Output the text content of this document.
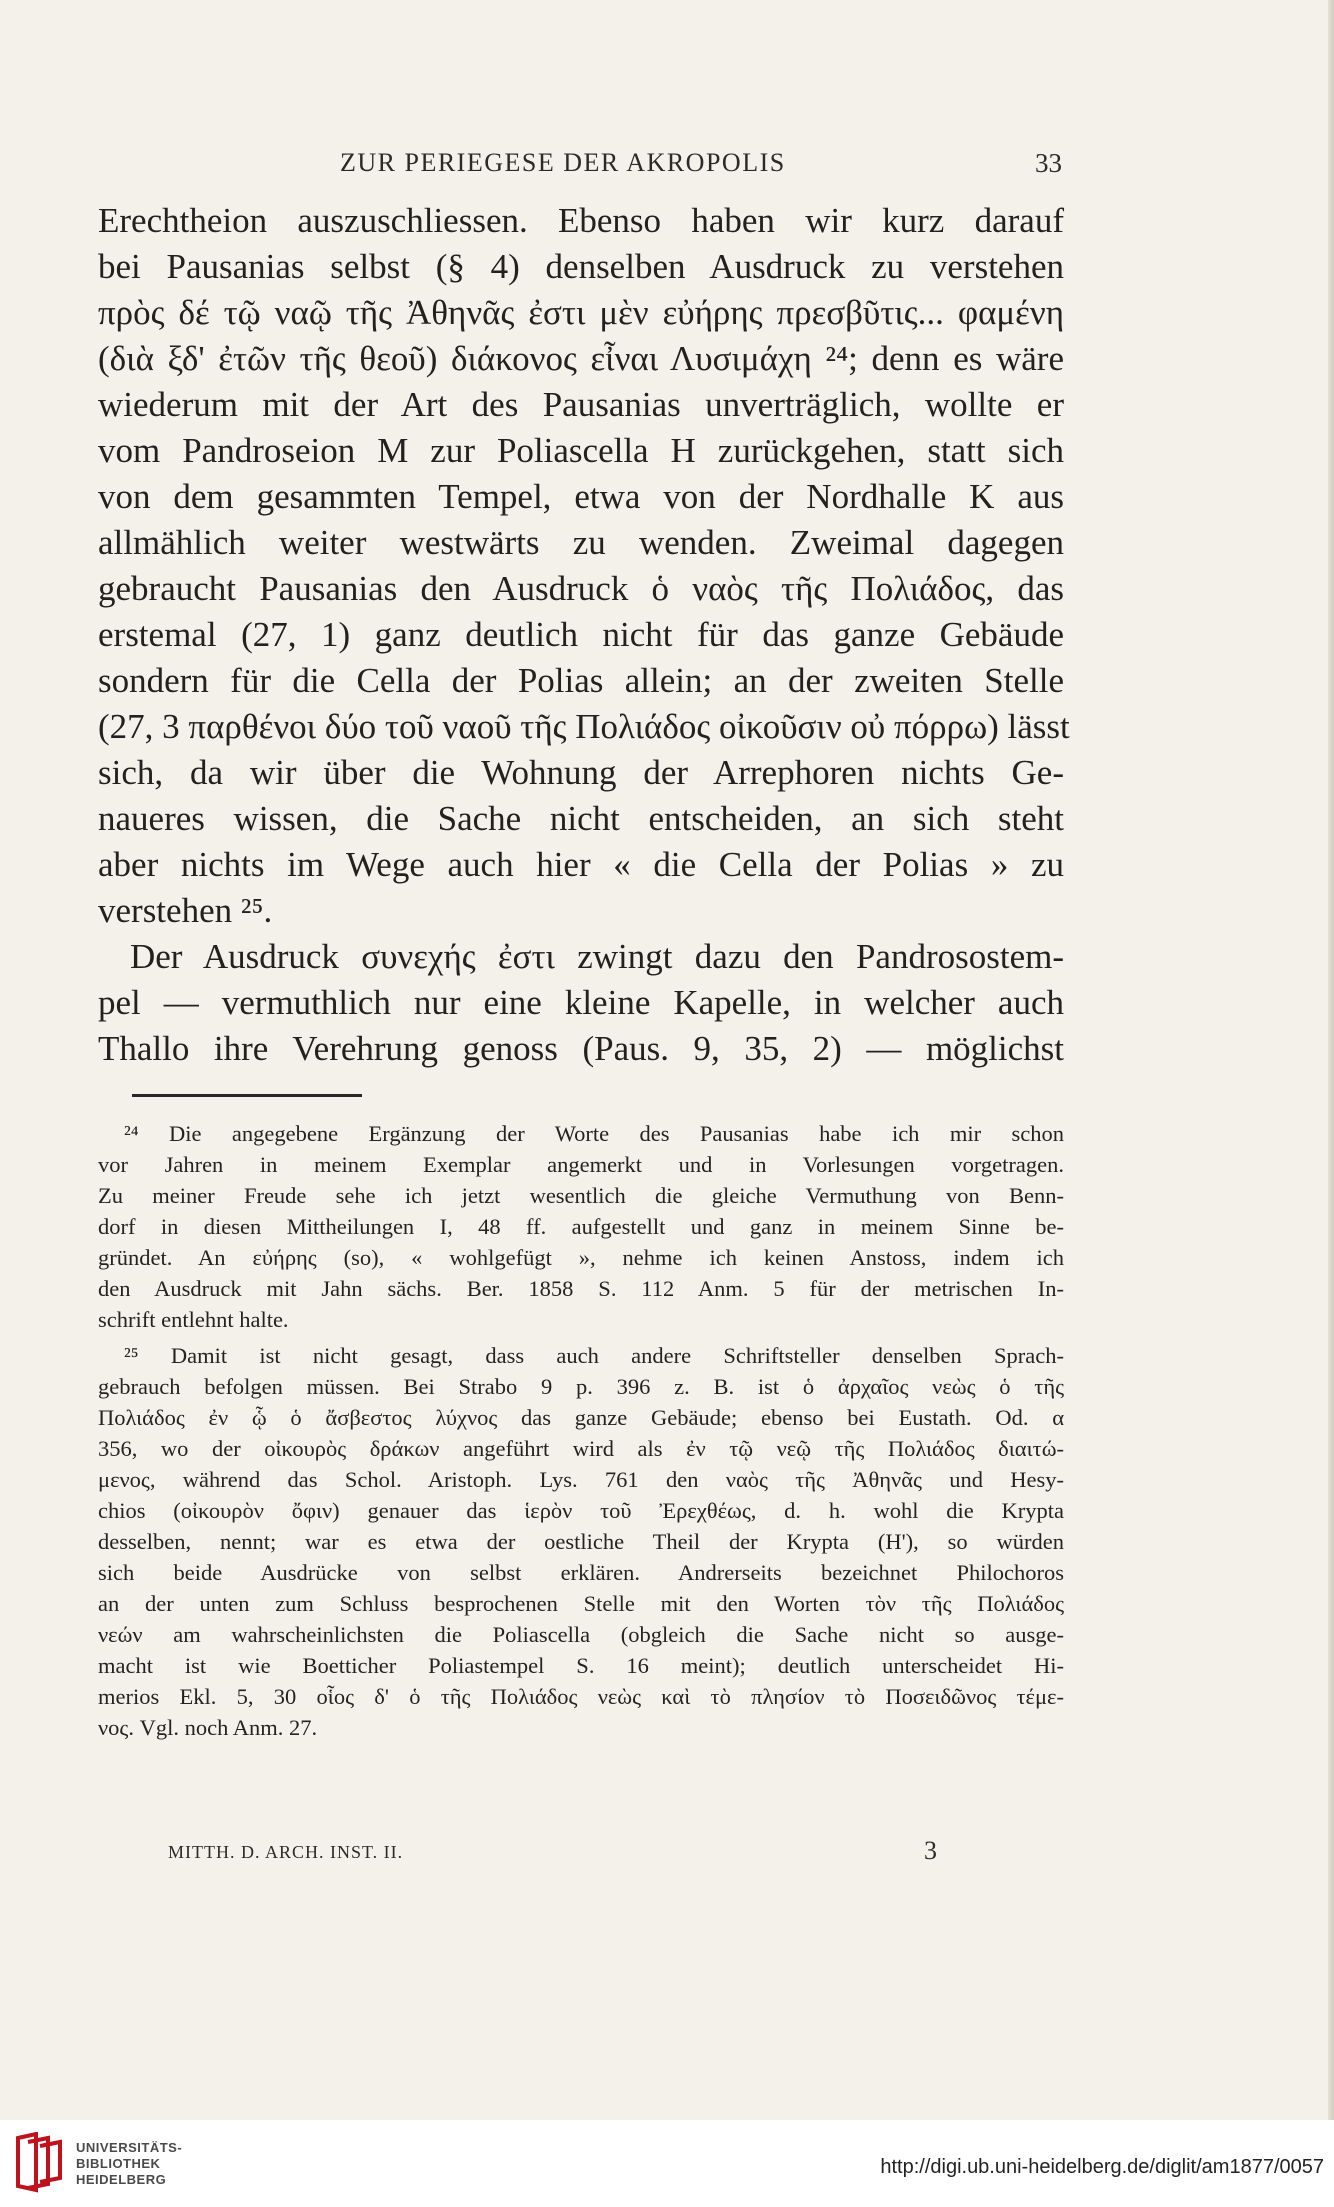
ZUR PERIEGESE DER AKROPOLIS	33
Erechtheion auszuschliessen. Ebenso haben wir kurz darauf
bei Pausanias selbst (§ 4) denselben Ausdruck zu verstehen
πρὸς δέ τῷ ναῷ τῆς Ἀθηνᾶς ἐστι μὲν εὐήρης πρεσβῦτις... φαμένη
(διὰ ξδ' ἐτῶν τῆς θεοῦ) διάκονος εἶναι Λυσιμάχη ²⁴; denn es wäre
wiederum mit der Art des Pausanias unverträglich, wollte er
vom Pandroseion M zur Poliascella H zurückgehen, statt sich
von dem gesammten Tempel, etwa von der Nordhalle K aus
allmählich weiter westwärts zu wenden. Zweimal dagegen
gebraucht Pausanias den Ausdruck ὁ ναὸς τῆς Πολιάδος, das
erstemal (27, 1) ganz deutlich nicht für das ganze Gebäude
sondern für die Cella der Polias allein; an der zweiten Stelle
(27, 3 παρθένοι δύο τοῦ ναοῦ τῆς Πολιάδος οἰκοῦσιν οὐ πόρρω) lässt
sich, da wir über die Wohnung der Arrephoren nichts Ge-
naueres wissen, die Sache nicht entscheiden, an sich steht
aber nichts im Wege auch hier « die Cella der Polias » zu
verstehen ²⁵.
Der Ausdruck συνεχής ἐστι zwingt dazu den Pandrosostem-
pel — vermuthlich nur eine kleine Kapelle, in welcher auch
Thallo ihre Verehrung genoss (Paus. 9, 35, 2) — möglichst
²⁴ Die angegebene Ergänzung der Worte des Pausanias habe ich mir schon
vor Jahren in meinem Exemplar angemerkt und in Vorlesungen vorgetragen.
Zu meiner Freude sehe ich jetzt wesentlich die gleiche Vermuthung von Benn-
dorf in diesen Mittheilungen I, 48 ff. aufgestellt und ganz in meinem Sinne be-
gründet. An εὐήρης (so), « wohlgefügt », nehme ich keinen Anstoss, indem ich
den Ausdruck mit Jahn sächs. Ber. 1858 S. 112 Anm. 5 für der metrischen In-
schrift entlehnt halte.
²⁵ Damit ist nicht gesagt, dass auch andere Schriftsteller denselben Sprach-
gebrauch befolgen müssen. Bei Strabo 9 p. 396 z. B. ist ὁ ἀρχαῖος νεὼς ὁ τῆς
Πολιάδος ἐν ᾧ ὁ ἄσβεστος λύχνος das ganze Gebäude; ebenso bei Eustath. Od. α
356, wo der οἰκουρὸς δράκων angeführt wird als ἐν τῷ νεῷ τῆς Πολιάδος διαιτώ-
μενος, während das Schol. Aristoph. Lys. 761 den ναὸς τῆς Ἀθηνᾶς und Hesy-
chios (οἰκουρὸν ὄφιν) genauer das ἱερὸν τοῦ Ἐρεχθέως, d. h. wohl die Krypta
desselben, nennt; war es etwa der oestliche Theil der Krypta (H'), so würden
sich beide Ausdrücke von selbst erklären. Andrerseits bezeichnet Philochoros
an der unten zum Schluss besprochenen Stelle mit den Worten τὸν τῆς Πολιάδος
νεών am wahrscheinlichsten die Poliascella (obgleich die Sache nicht so ausge-
macht ist wie Boetticher Poliastempel S. 16 meint); deutlich unterscheidet Hi-
merios Ekl. 5, 30 οἷος δ' ὁ τῆς Πολιάδος νεὼς καὶ τὸ πλησίον τὸ Ποσειδῶνος τέμε-
νος. Vgl. noch Anm. 27.
MITTH. D. ARCH. INST. II.	3
UNIVERSITÄTS-
BIBLIOTHEK
HEIDELBERG
http://digi.ub.uni-heidelberg.de/diglit/am1877/0057
